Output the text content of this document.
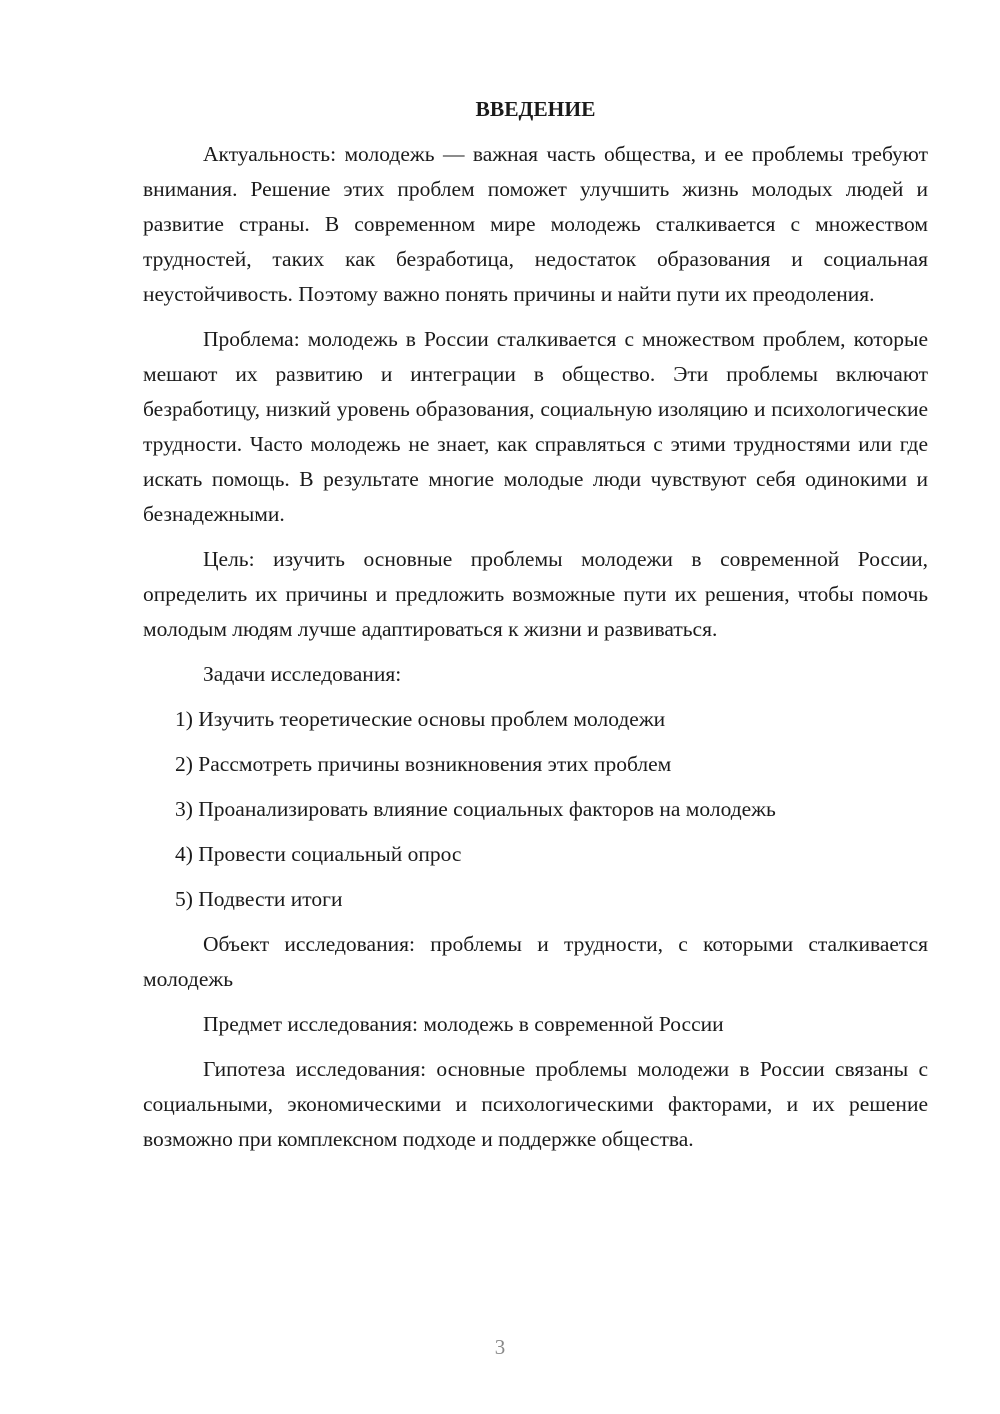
ВВЕДЕНИЕ

Актуальность: молодежь — важная часть общества, и ее проблемы требуют внимания. Решение этих проблем поможет улучшить жизнь молодых людей и развитие страны. В современном мире молодежь сталкивается с множеством трудностей, таких как безработица, недостаток образования и социальная неустойчивость. Поэтому важно понять причины и найти пути их преодоления.

Проблема: молодежь в России сталкивается с множеством проблем, которые мешают их развитию и интеграции в общество. Эти проблемы включают безработицу, низкий уровень образования, социальную изоляцию и психологические трудности. Часто молодежь не знает, как справляться с этими трудностями или где искать помощь. В результате многие молодые люди чувствуют себя одинокими и безнадежными.

Цель: изучить основные проблемы молодежи в современной России, определить их причины и предложить возможные пути их решения, чтобы помочь молодым людям лучше адаптироваться к жизни и развиваться.

Задачи исследования:

1) Изучить теоретические основы проблем молодежи
2) Рассмотреть причины возникновения этих проблем
3) Проанализировать влияние социальных факторов на молодежь
4) Провести социальный опрос
5) Подвести итоги

Объект исследования: проблемы и трудности, с которыми сталкивается молодежь

Предмет исследования: молодежь в современной России

Гипотеза исследования: основные проблемы молодежи в России связаны с социальными, экономическими и психологическими факторами, и их решение возможно при комплексном подходе и поддержке общества.

3
